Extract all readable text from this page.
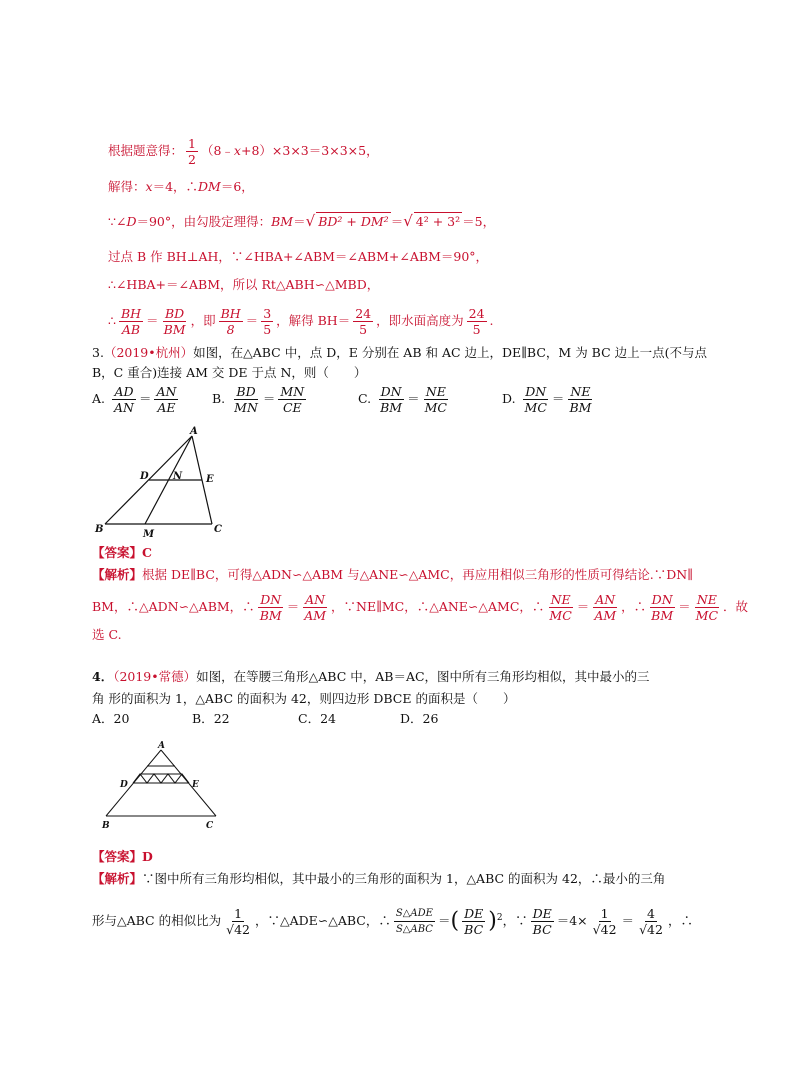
根据题意得： $\frac{1}{2}$ （8﹣x+8）×3×3＝3×3×5，
解得：x＝4，∴DM＝6，
∵∠D＝90°，由勾股定理得：BM＝√ BD² + DM² ＝√ 4² + 3² ＝5，
过点 B 作 BH⊥AH，∵∠HBA+∠ABM＝∠ABM+∠ABM＝90°，
∴∠HBA+＝∠ABM，所以 Rt△ABH∽△MBD，
∴ $\frac{BH}{AB} = \frac{BD}{BM}$ ，即 $\frac{BH}{8} = \frac{3}{5}$ ，解得 $BH= \frac{24}{5}$ ，即水面高度为 $\frac{24}{5}$ .
3.（2019•杭州）如图，在△ABC 中，点 D，E 分别在 AB 和 AC 边上，DE∥BC，M 为 BC 边上一点(不与点
B，C 重合)连接 AM 交 DE 于点 N，则（　　）
A. $\frac{AD}{AN} = \frac{AN}{AE}$	B. $\frac{BD}{MN} = \frac{MN}{CE}$	C. $\frac{DN}{BM} = \frac{NE}{MC}$	D. $\frac{DN}{MC} = \frac{NE}{BM}$
A
D N E
B	M	C
【答案】C
【解析】根据 DE∥BC，可得△ADN∽△ABM 与△ANE∽△AMC，再应用相似三角形的性质可得结论.∵DN∥
BM，∴△ADN∽△ABM，∴ $\frac{DN}{BM} = \frac{AN}{AM}$ ，∵NE∥MC，∴△ANE∽△AMC，∴ $\frac{NE}{MC} = \frac{AN}{AM}$ ，∴ $\frac{DN}{BM} = \frac{NE}{MC}$ ．故
选 C.
4．（2019•常德）如图，在等腰三角形△ABC 中，AB＝AC，图中所有三角形均相似，其中最小的三
角 形的面积为 1，△ABC 的面积为 42，则四边形 DBCE 的面积是（　　）
A．20	B．22	C．24	D．26
A
D	E
B	C
【答案】D
【解析】∵图中所有三角形均相似，其中最小的三角形的面积为 1，△ABC 的面积为 42，∴最小的三角
形与△ABC 的相似比为 $\frac{1}{√42}$ ，∵△ADE∽△ABC，∴ $\frac{\text{S△ADE}}{\text{S△ABC}}$ ＝( $\frac{DE}{BC} )^2$，∵ $\frac{DE}{BC} =4\times \frac{1}{√42} = \frac{4}{√42}$ ，∴
